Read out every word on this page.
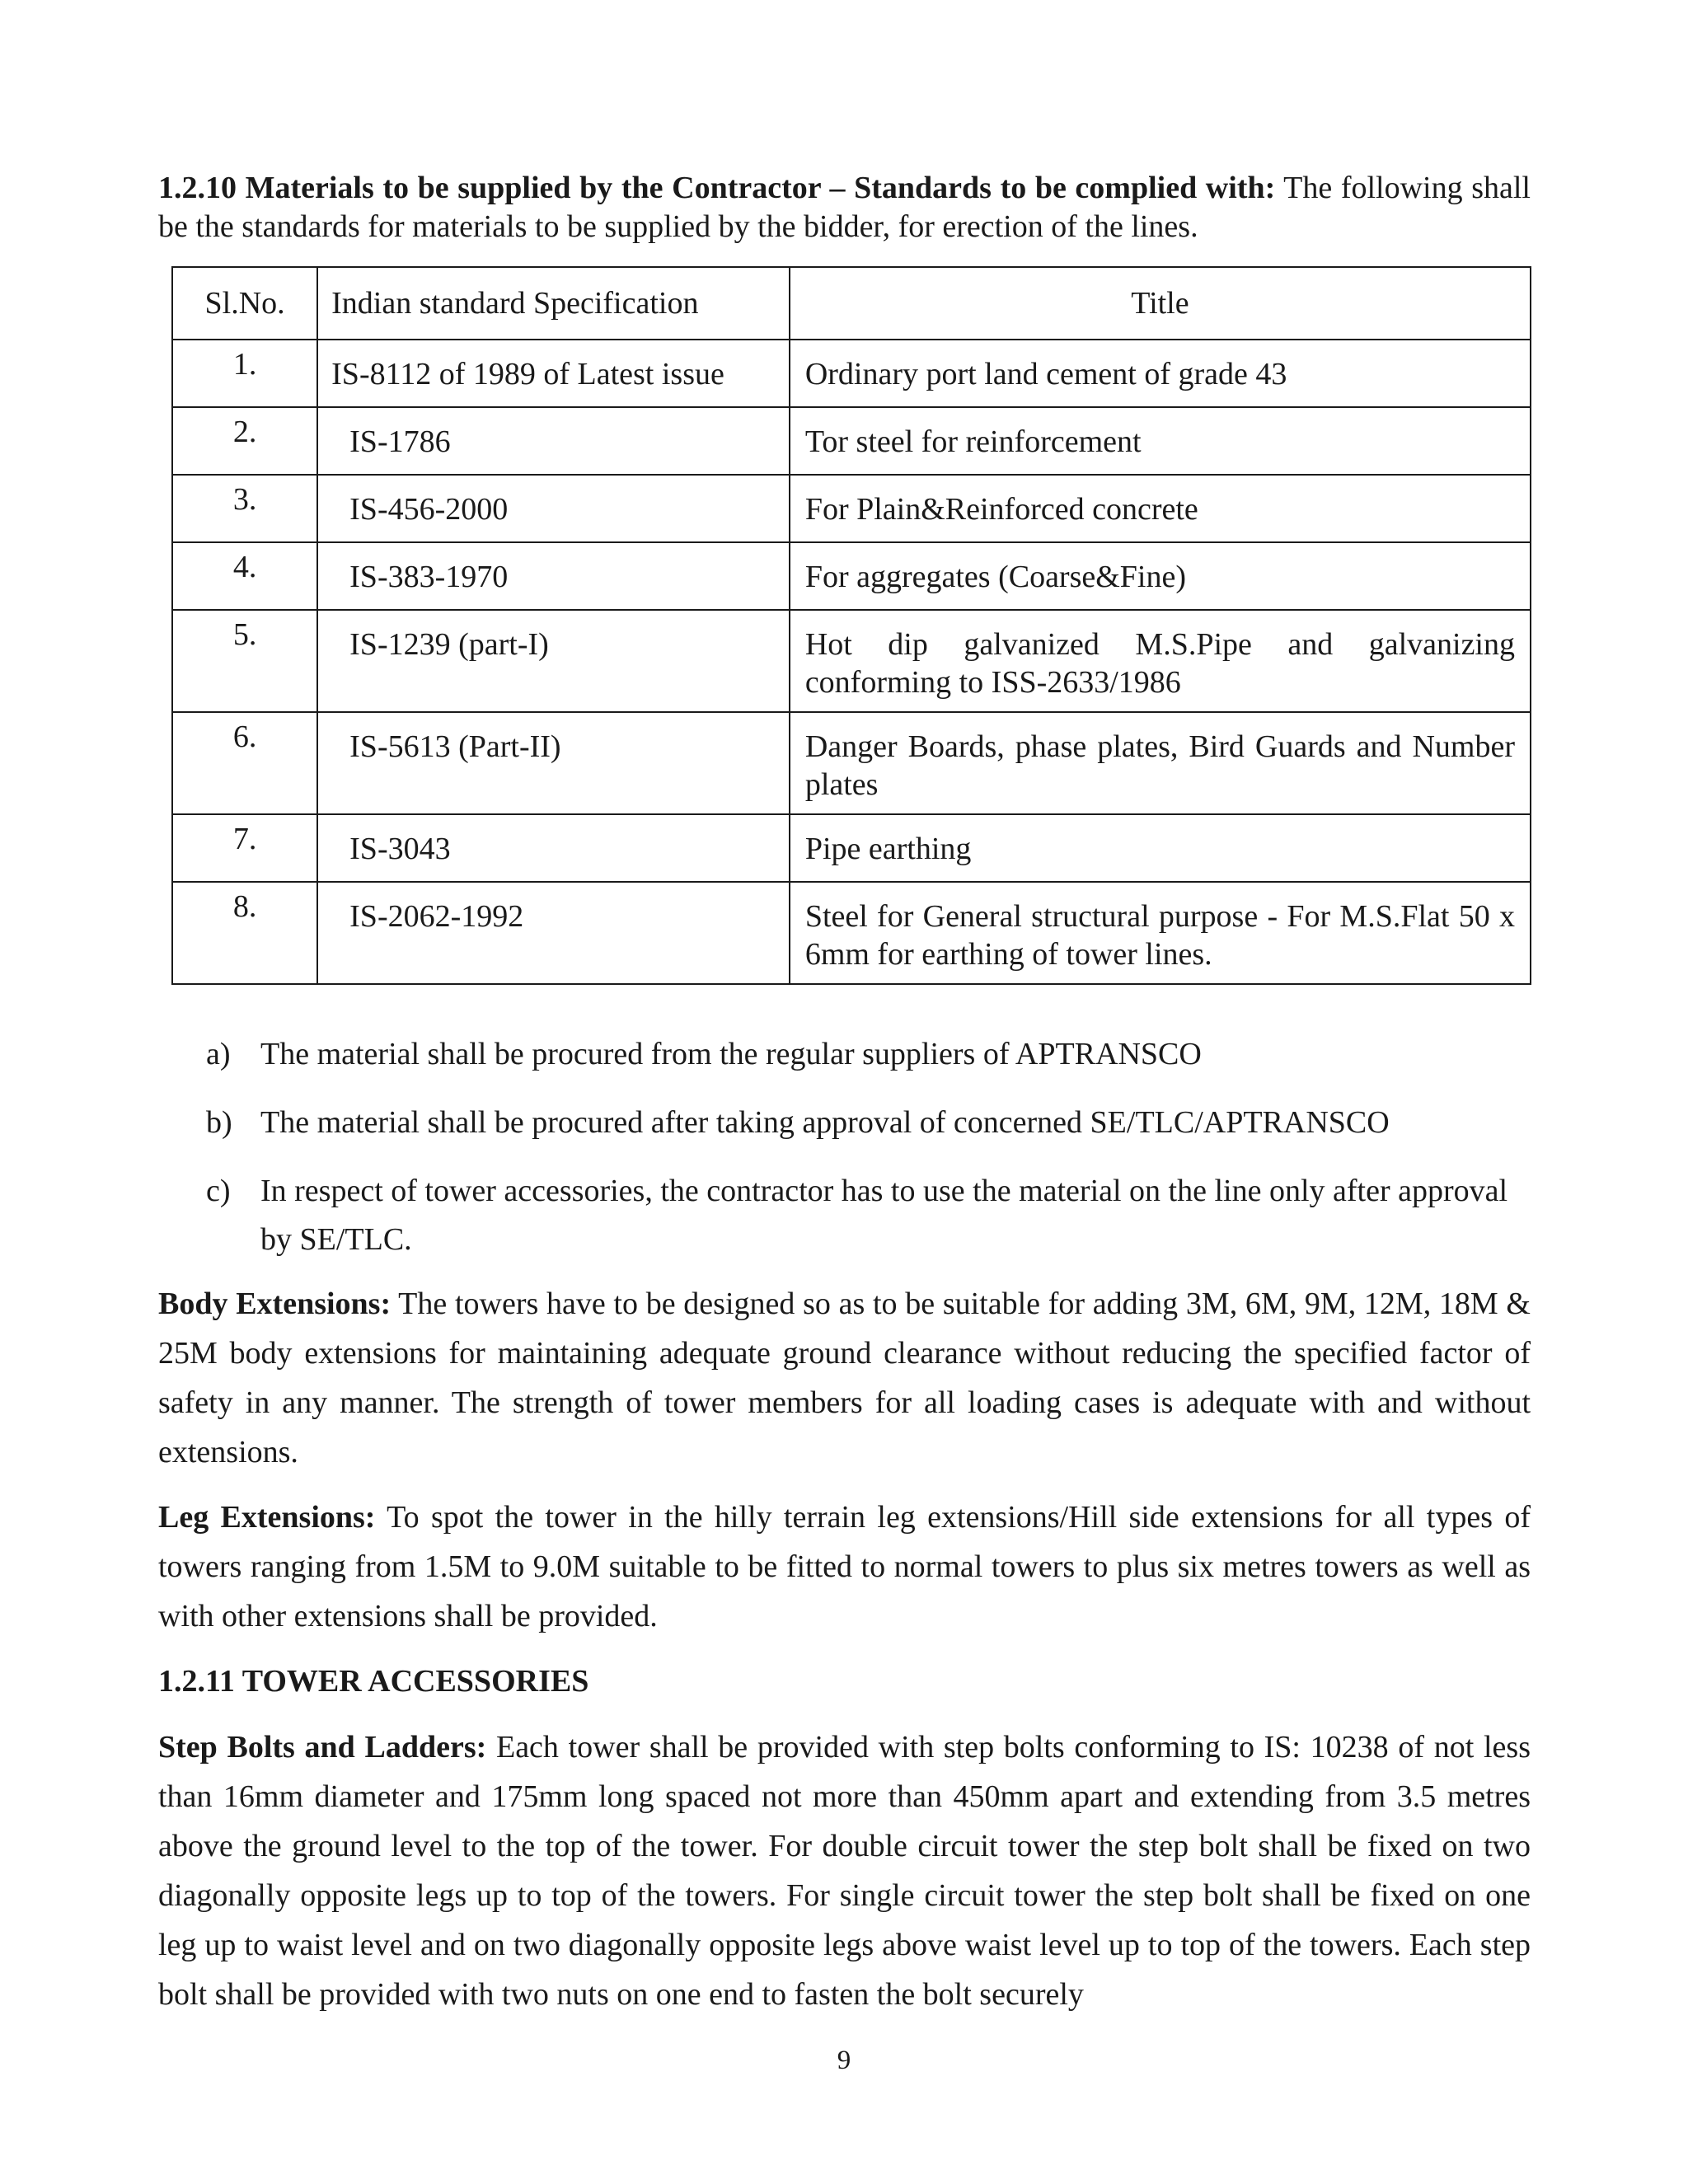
1.2.10 Materials to be supplied by the Contractor – Standards to be complied with: The following shall be the standards for materials to be supplied by the bidder, for erection of the lines.

Sl.No.	Indian standard Specification	Title
1.	IS-8112 of 1989 of Latest issue	Ordinary port land cement of grade 43
2.	IS-1786	Tor steel for reinforcement
3.	IS-456-2000	For Plain&Reinforced concrete
4.	IS-383-1970	For aggregates (Coarse&Fine)
5.	IS-1239 (part-I)	Hot dip galvanized M.S.Pipe and galvanizing conforming to ISS-2633/1986
6.	IS-5613 (Part-II)	Danger Boards, phase plates, Bird Guards and Number plates
7.	IS-3043	Pipe earthing
8.	IS-2062-1992	Steel for General structural purpose - For M.S.Flat 50 x 6mm for earthing of tower lines.
a) The material shall be procured from the regular suppliers of APTRANSCO
b) The material shall be procured after taking approval of concerned SE/TLC/APTRANSCO
c) In respect of tower accessories, the contractor has to use the material on the line only after approval by SE/TLC.

Body Extensions: The towers have to be designed so as to be suitable for adding 3M, 6M, 9M, 12M, 18M & 25M body extensions for maintaining adequate ground clearance without reducing the specified factor of safety in any manner. The strength of tower members for all loading cases is adequate with and without extensions.

Leg Extensions: To spot the tower in the hilly terrain leg extensions/Hill side extensions for all types of towers ranging from 1.5M to 9.0M suitable to be fitted to normal towers to plus six metres towers as well as with other extensions shall be provided.

1.2.11 TOWER ACCESSORIES

Step Bolts and Ladders: Each tower shall be provided with step bolts conforming to IS: 10238 of not less than 16mm diameter and 175mm long spaced not more than 450mm apart and extending from 3.5 metres above the ground level to the top of the tower. For double circuit tower the step bolt shall be fixed on two diagonally opposite legs up to top of the towers. For single circuit tower the step bolt shall be fixed on one leg up to waist level and on two diagonally opposite legs above waist level up to top of the towers. Each step bolt shall be provided with two nuts on one end to fasten the bolt securely

9
